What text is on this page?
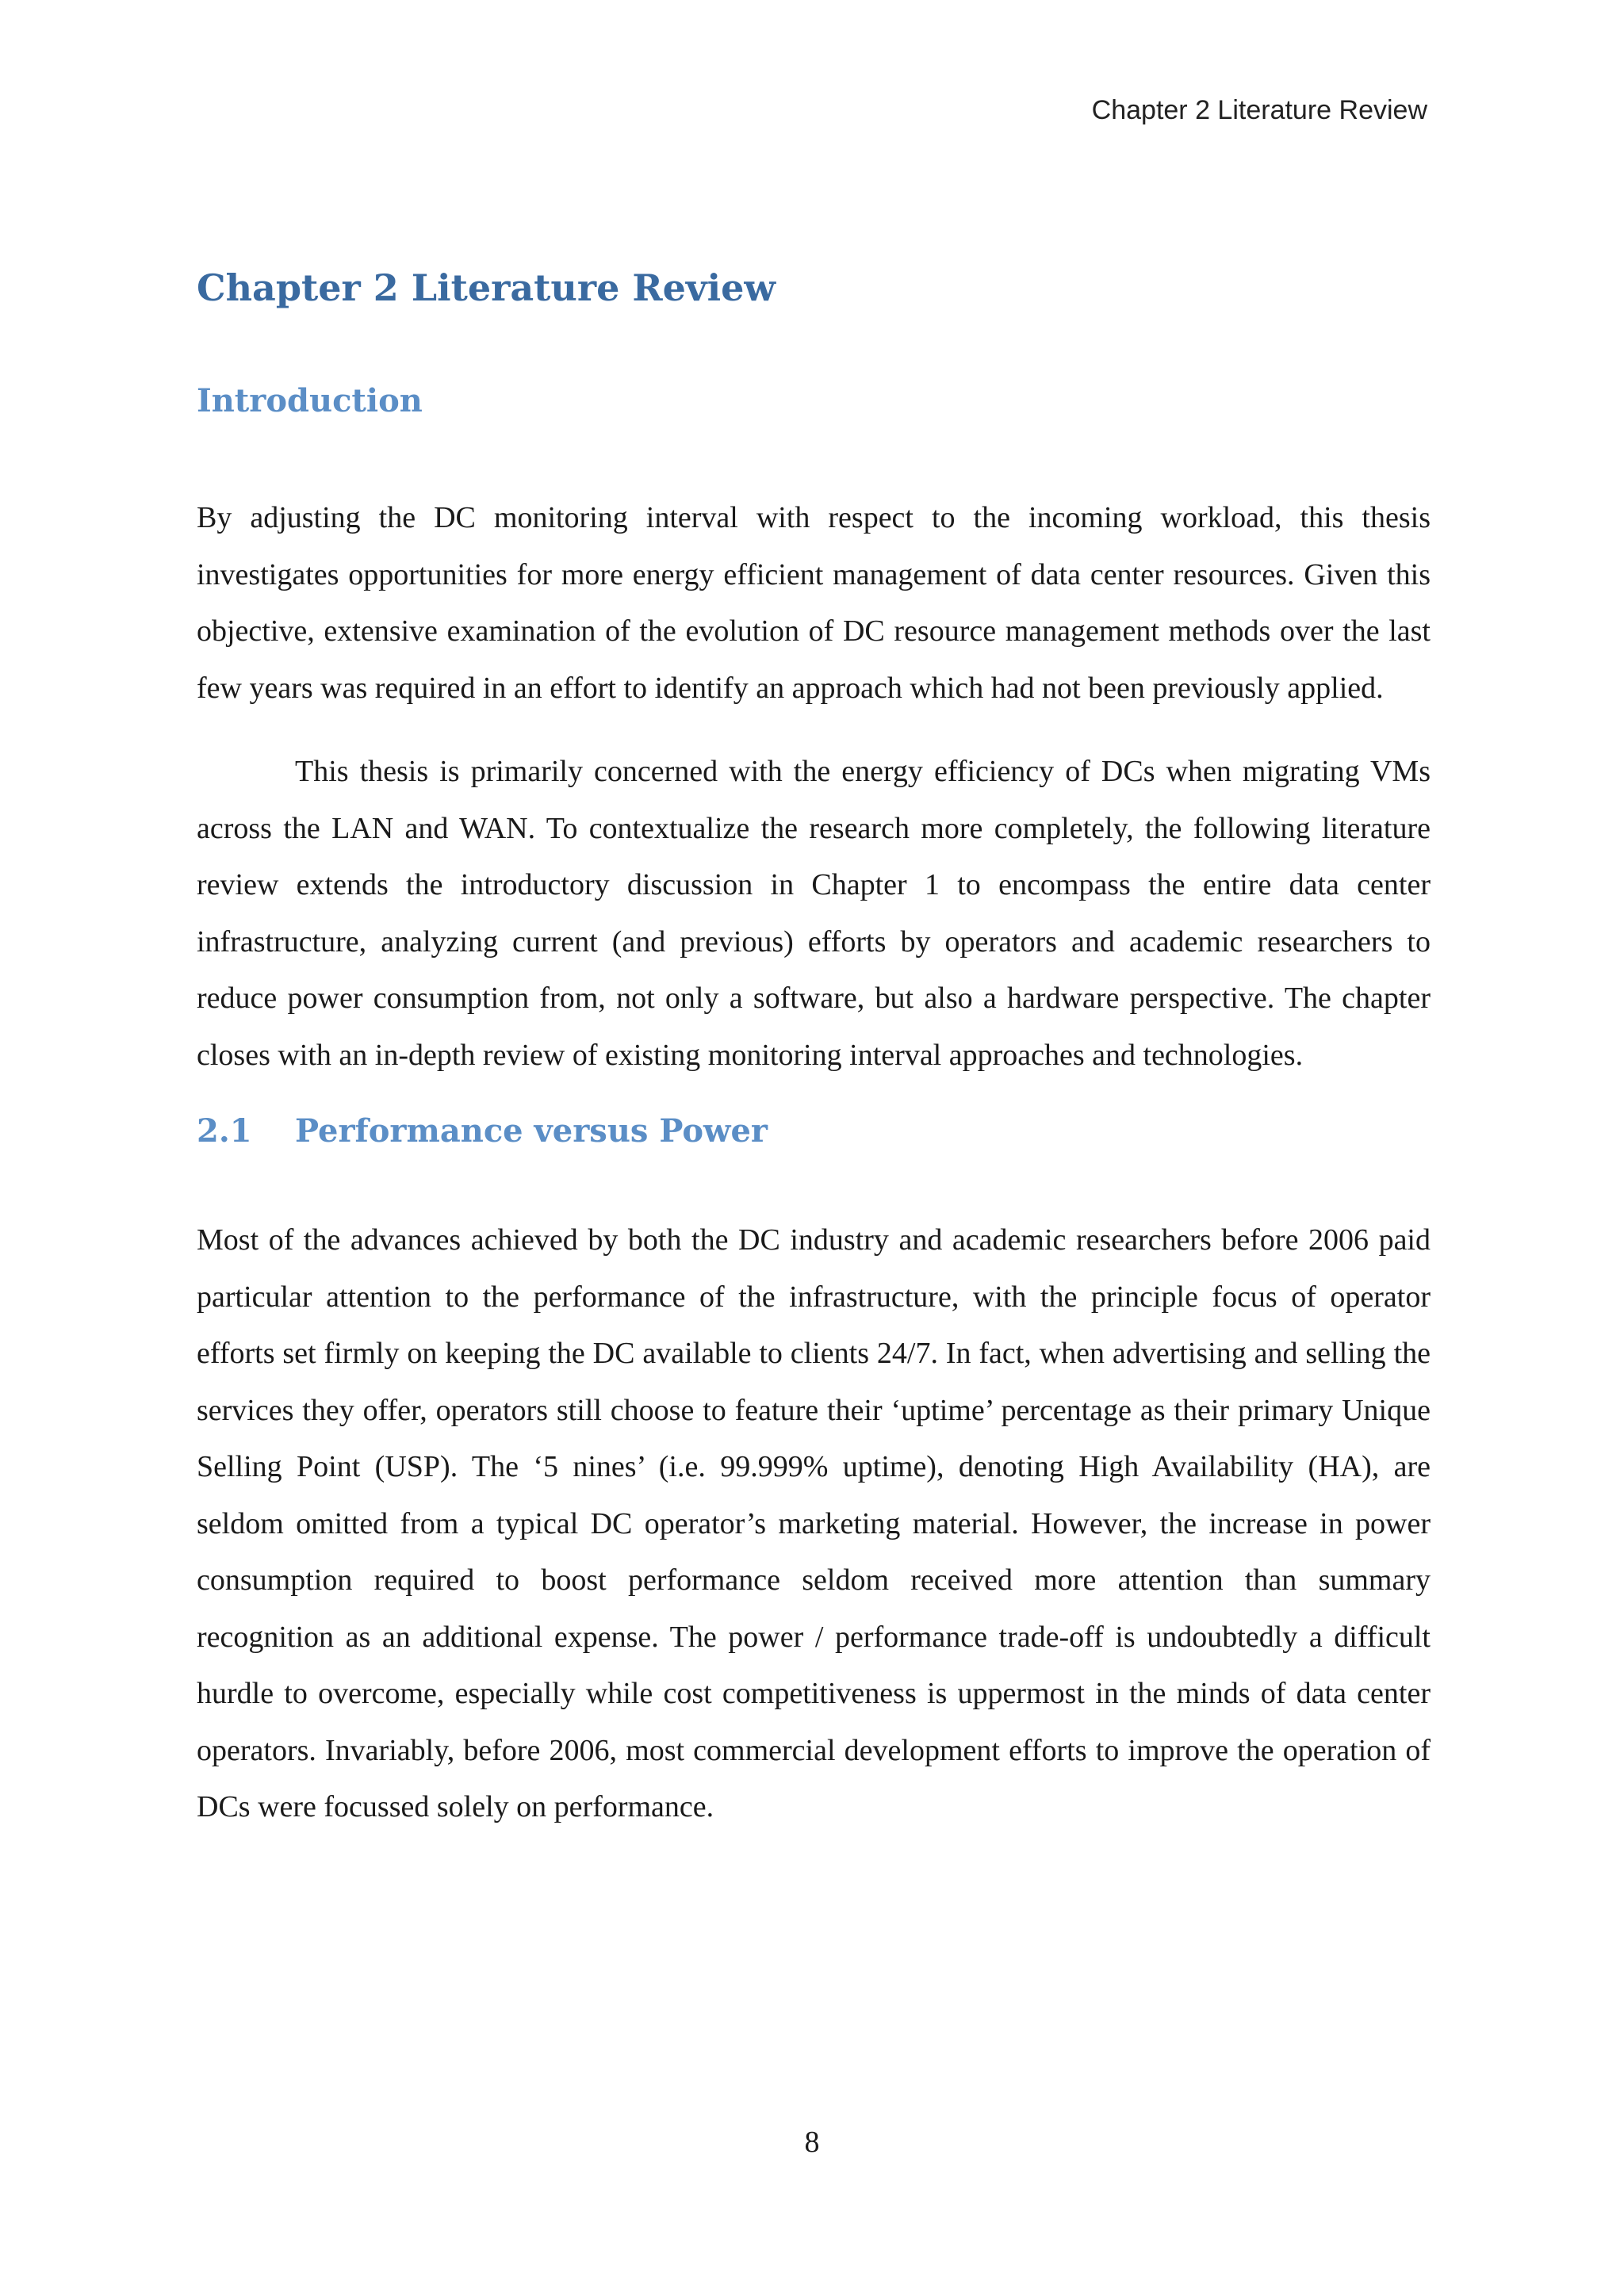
Chapter 2 Literature Review
Chapter 2 Literature Review
Introduction

By adjusting the DC monitoring interval with respect to the incoming workload, this thesis investigates opportunities for more energy efficient management of data center resources. Given this objective, extensive examination of the evolution of DC resource management methods over the last few years was required in an effort to identify an approach which had not been previously applied.

This thesis is primarily concerned with the energy efficiency of DCs when migrating VMs across the LAN and WAN. To contextualize the research more completely, the following literature review extends the introductory discussion in Chapter 1 to encompass the entire data center infrastructure, analyzing current (and previous) efforts by operators and academic researchers to reduce power consumption from, not only a software, but also a hardware perspective. The chapter closes with an in-depth review of existing monitoring interval approaches and technologies.

2.1 Performance versus Power

Most of the advances achieved by both the DC industry and academic researchers before 2006 paid particular attention to the performance of the infrastructure, with the principle focus of operator efforts set firmly on keeping the DC available to clients 24/7. In fact, when advertising and selling the services they offer, operators still choose to feature their ‘uptime’ percentage as their primary Unique Selling Point (USP). The ‘5 nines’ (i.e. 99.999% uptime), denoting High Availability (HA), are seldom omitted from a typical DC operator’s marketing material. However, the increase in power consumption required to boost performance seldom received more attention than summary recognition as an additional expense. The power / performance trade-off is undoubtedly a difficult hurdle to overcome, especially while cost competitiveness is uppermost in the minds of data center operators. Invariably, before 2006, most commercial development efforts to improve the operation of DCs were focussed solely on performance.

8
